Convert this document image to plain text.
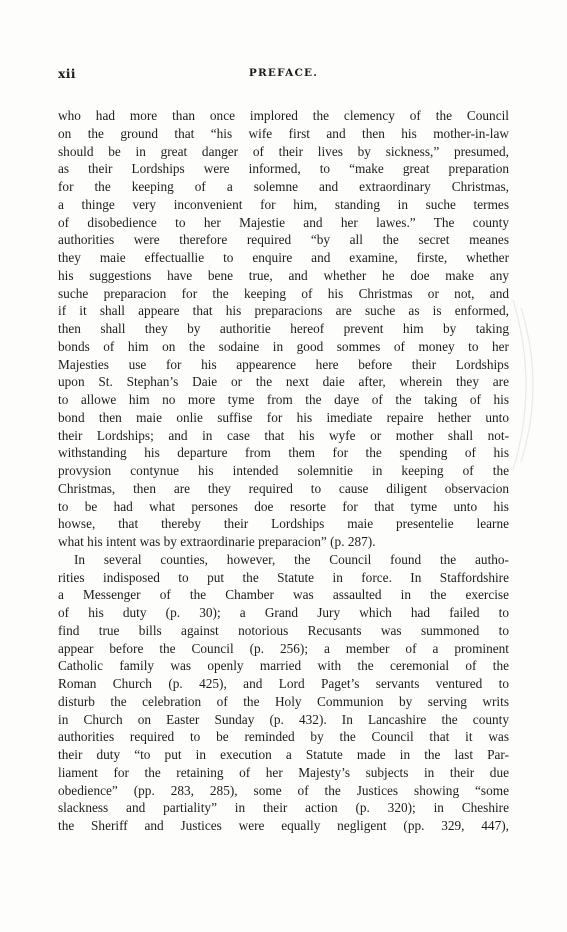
xii	PREFACE.
who had more than once implored the clemency of the Council
on the ground that “his wife first and then his mother-in-law
should be in great danger of their lives by sickness,” presumed,
as their Lordships were informed, to “make great preparation
for the keeping of a solemne and extraordinary Christmas,
a thinge very inconvenient for him, standing in suche termes
of disobedience to her Majestie and her lawes.” The county
authorities were therefore required “by all the secret meanes
they maie effectuallie to enquire and examine, firste, whether
his suggestions have bene true, and whether he doe make any
suche preparacion for the keeping of his Christmas or not, and
if it shall appeare that his preparacions are suche as is enformed,
then shall they by authoritie hereof prevent him by taking
bonds of him on the sodaine in good sommes of money to her
Majesties use for his appearence here before their Lordships
upon St. Stephan’s Daie or the next daie after, wherein they are
to allowe him no more tyme from the daye of the taking of his
bond then maie onlie suffise for his imediate repaire hether unto
their Lordships; and in case that his wyfe or mother shall not-
withstanding his departure from them for the spending of his
provysion contynue his intended solemnitie in keeping of the
Christmas, then are they required to cause diligent observacion
to be had what persones doe resorte for that tyme unto his
howse, that thereby their Lordships maie presentelie learne
what his intent was by extraordinarie preparacion” (p. 287).
In several counties, however, the Council found the autho-
rities indisposed to put the Statute in force. In Staffordshire
a Messenger of the Chamber was assaulted in the exercise
of his duty (p. 30); a Grand Jury which had failed to
find true bills against notorious Recusants was summoned to
appear before the Council (p. 256); a member of a prominent
Catholic family was openly married with the ceremonial of the
Roman Church (p. 425), and Lord Paget’s servants ventured to
disturb the celebration of the Holy Communion by serving writs
in Church on Easter Sunday (p. 432). In Lancashire the county
authorities required to be reminded by the Council that it was
their duty “to put in execution a Statute made in the last Par-
liament for the retaining of her Majesty’s subjects in their due
obedience” (pp. 283, 285), some of the Justices showing “some
slackness and partiality” in their action (p. 320); in Cheshire
the Sheriff and Justices were equally negligent (pp. 329, 447),
